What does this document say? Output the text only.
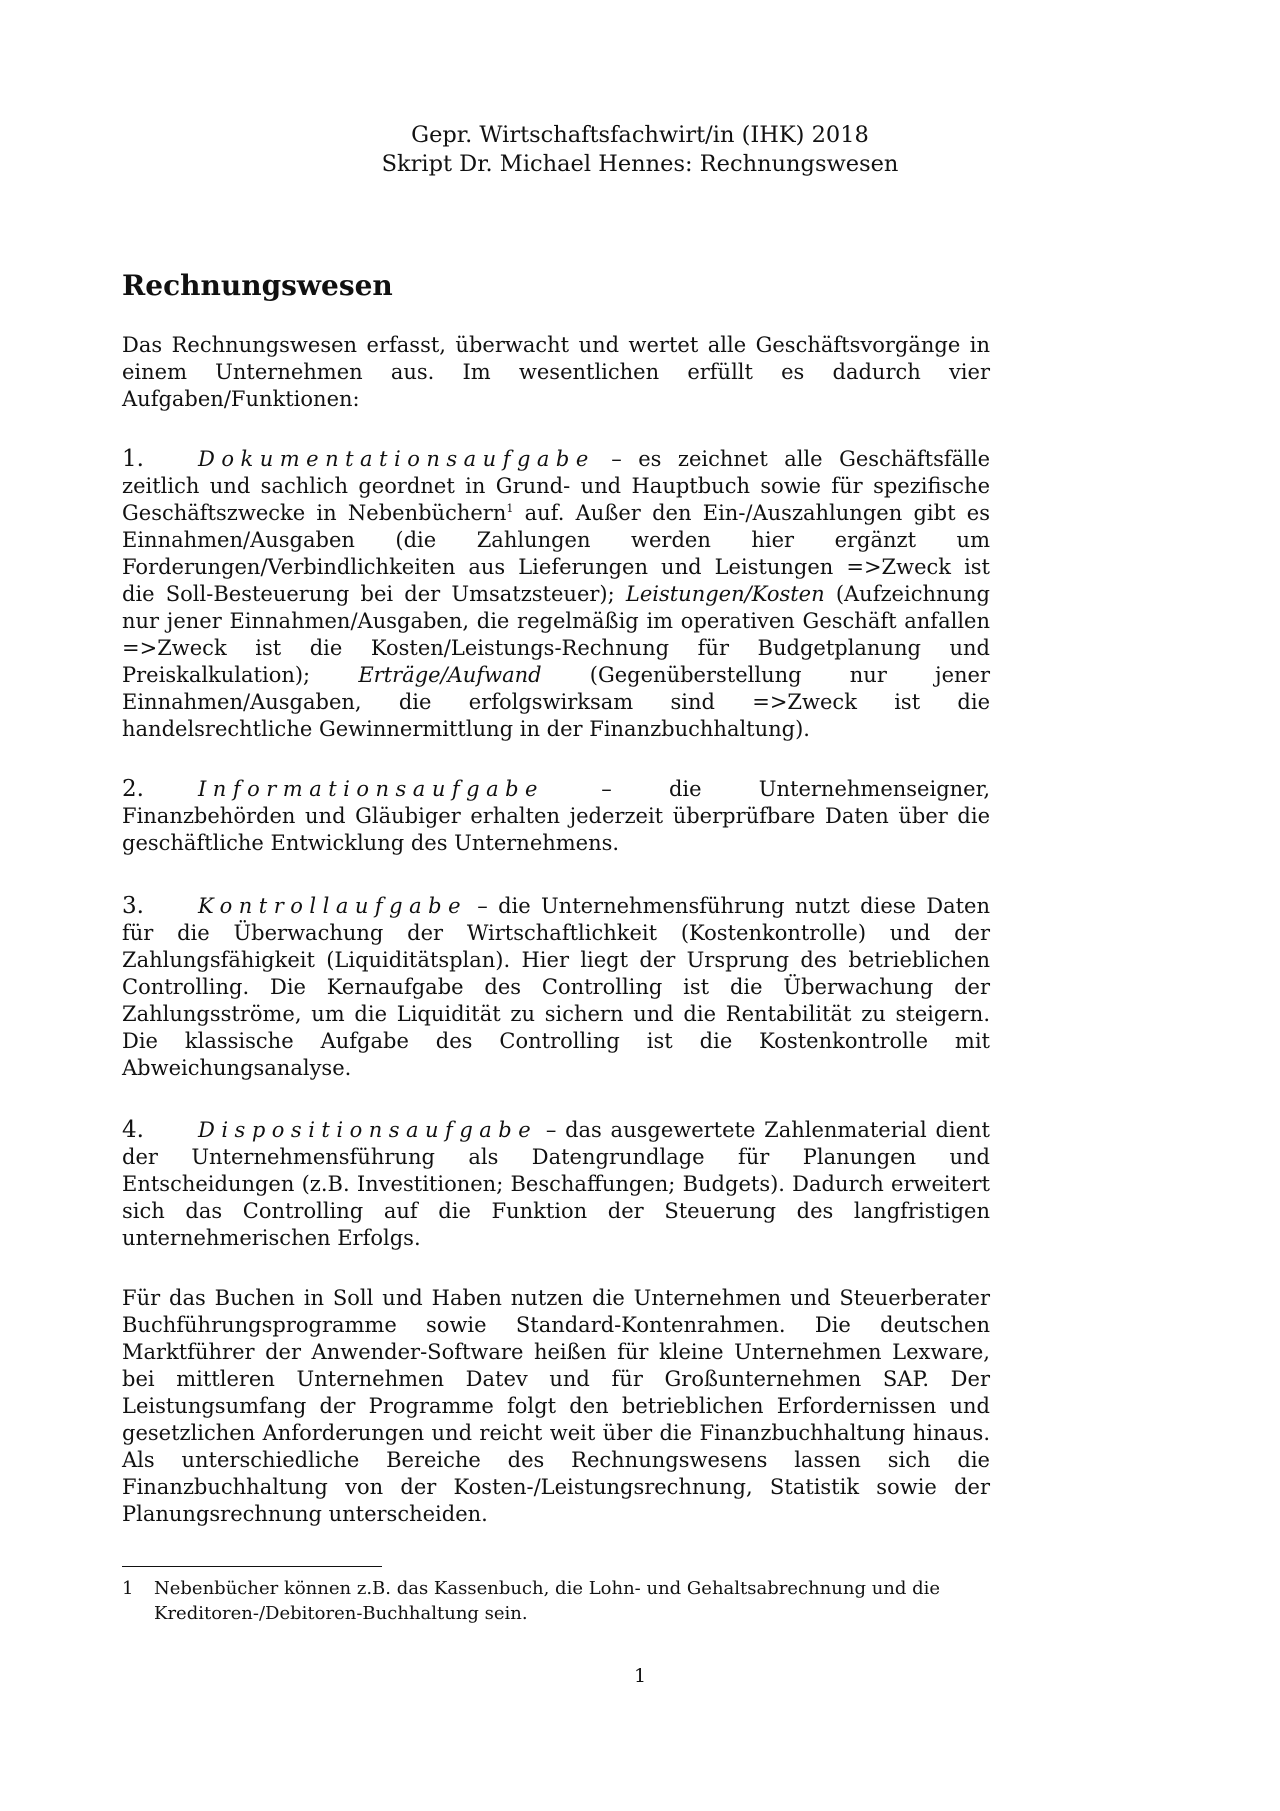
Gepr. Wirtschaftsfachwirt/in (IHK) 2018
Skript Dr. Michael Hennes: Rechnungswesen
Rechnungswesen

Das Rechnungswesen erfasst, überwacht und wertet alle Geschäftsvorgänge in einem Unternehmen aus. Im wesentlichen erfüllt es dadurch vier Aufgaben/Funktionen:

1.	Dokumentationsaufgabe – es zeichnet alle Geschäftsfälle zeitlich und sachlich geordnet in Grund- und Hauptbuch sowie für spezifische Geschäftszwecke in Nebenbüchern$^1$ auf. Außer den Ein-/Auszahlungen gibt es Einnahmen/Ausgaben (die Zahlungen werden hier ergänzt um Forderungen/Verbindlichkeiten aus Lieferungen und Leistungen =>Zweck ist die Soll-Besteuerung bei der Umsatzsteuer); Leistungen/Kosten (Aufzeichnung nur jener Einnahmen/Ausgaben, die regelmäßig im operativen Geschäft anfallen =>Zweck ist die Kosten/Leistungs-Rechnung für Budgetplanung und Preiskalkulation); Erträge/Aufwand (Gegenüberstellung nur jener Einnahmen/Ausgaben, die erfolgswirksam sind =>Zweck ist die handelsrechtliche Gewinnermittlung in der Finanzbuchhaltung).

2.	Informationsaufgabe – die Unternehmenseigner, Finanzbehörden und Gläubiger erhalten jederzeit überprüfbare Daten über die geschäftliche Entwicklung des Unternehmens.

3.	Kontrollaufgabe – die Unternehmensführung nutzt diese Daten für die Überwachung der Wirtschaftlichkeit (Kostenkontrolle) und der Zahlungsfähigkeit (Liquiditätsplan). Hier liegt der Ursprung des betrieblichen Controlling. Die Kernaufgabe des Controlling ist die Überwachung der Zahlungsströme, um die Liquidität zu sichern und die Rentabilität zu steigern. Die klassische Aufgabe des Controlling ist die Kostenkontrolle mit Abweichungsanalyse.

4.	Dispositionsaufgabe – das ausgewertete Zahlenmaterial dient der Unternehmensführung als Datengrundlage für Planungen und Entscheidungen (z.B. Investitionen; Beschaffungen; Budgets). Dadurch erweitert sich das Controlling auf die Funktion der Steuerung des langfristigen unternehmerischen Erfolgs.

Für das Buchen in Soll und Haben nutzen die Unternehmen und Steuerberater Buchführungsprogramme sowie Standard-Kontenrahmen. Die deutschen Marktführer der Anwender-Software heißen für kleine Unternehmen Lexware, bei mittleren Unternehmen Datev und für Großunternehmen SAP. Der Leistungsumfang der Programme folgt den betrieblichen Erfordernissen und gesetzlichen Anforderungen und reicht weit über die Finanzbuchhaltung hinaus. Als unterschiedliche Bereiche des Rechnungswesens lassen sich die Finanzbuchhaltung von der Kosten-/Leistungsrechnung, Statistik sowie der Planungsrechnung unterscheiden.

1 Nebenbücher können z.B. das Kassenbuch, die Lohn- und Gehaltsabrechnung und die Kreditoren-/Debitoren-Buchhaltung sein.
1
